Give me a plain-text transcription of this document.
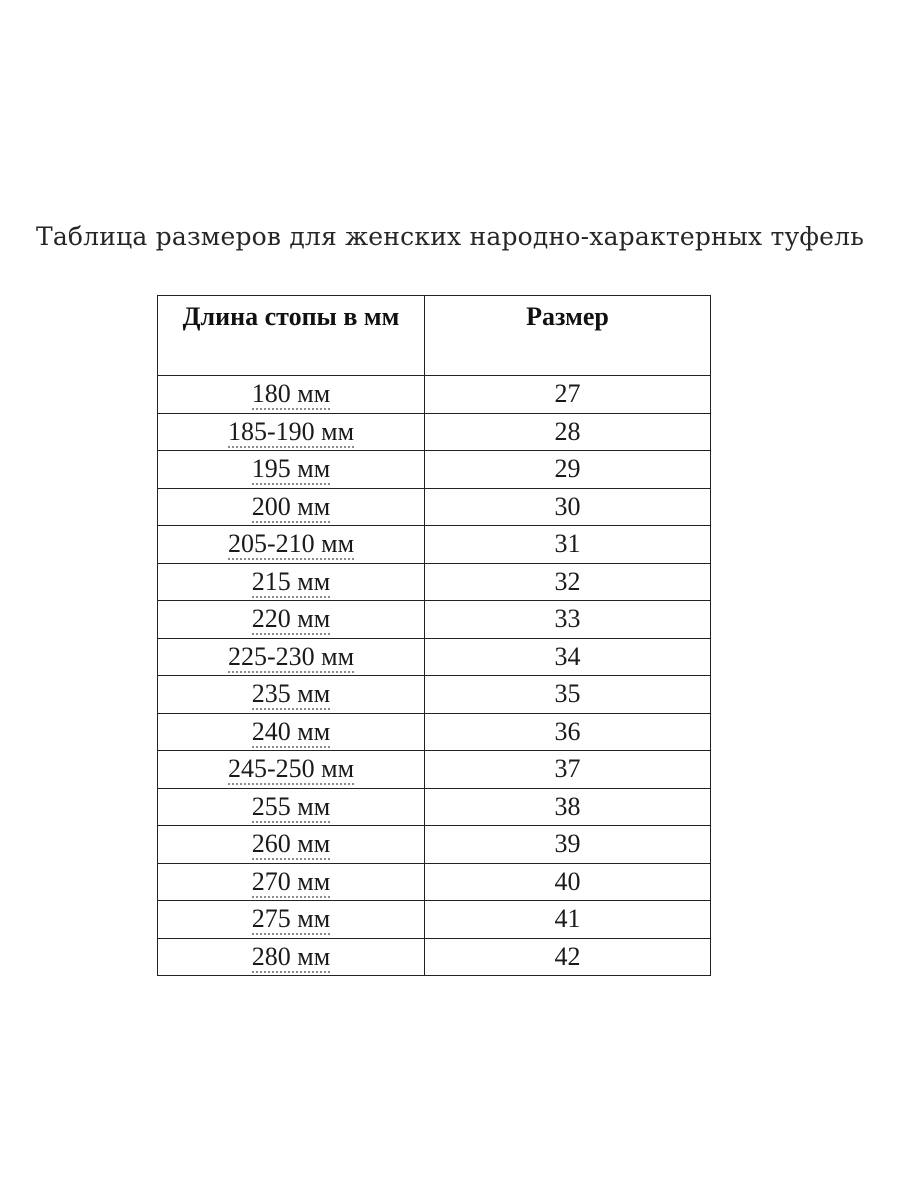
Таблица размеров для женских народно-характерных туфель
Длина стопы в мм	Размер
180 мм	27
185-190 мм	28
195 мм	29
200 мм	30
205-210 мм	31
215 мм	32
220 мм	33
225-230 мм	34
235 мм	35
240 мм	36
245-250 мм	37
255 мм	38
260 мм	39
270 мм	40
275 мм	41
280 мм	42
